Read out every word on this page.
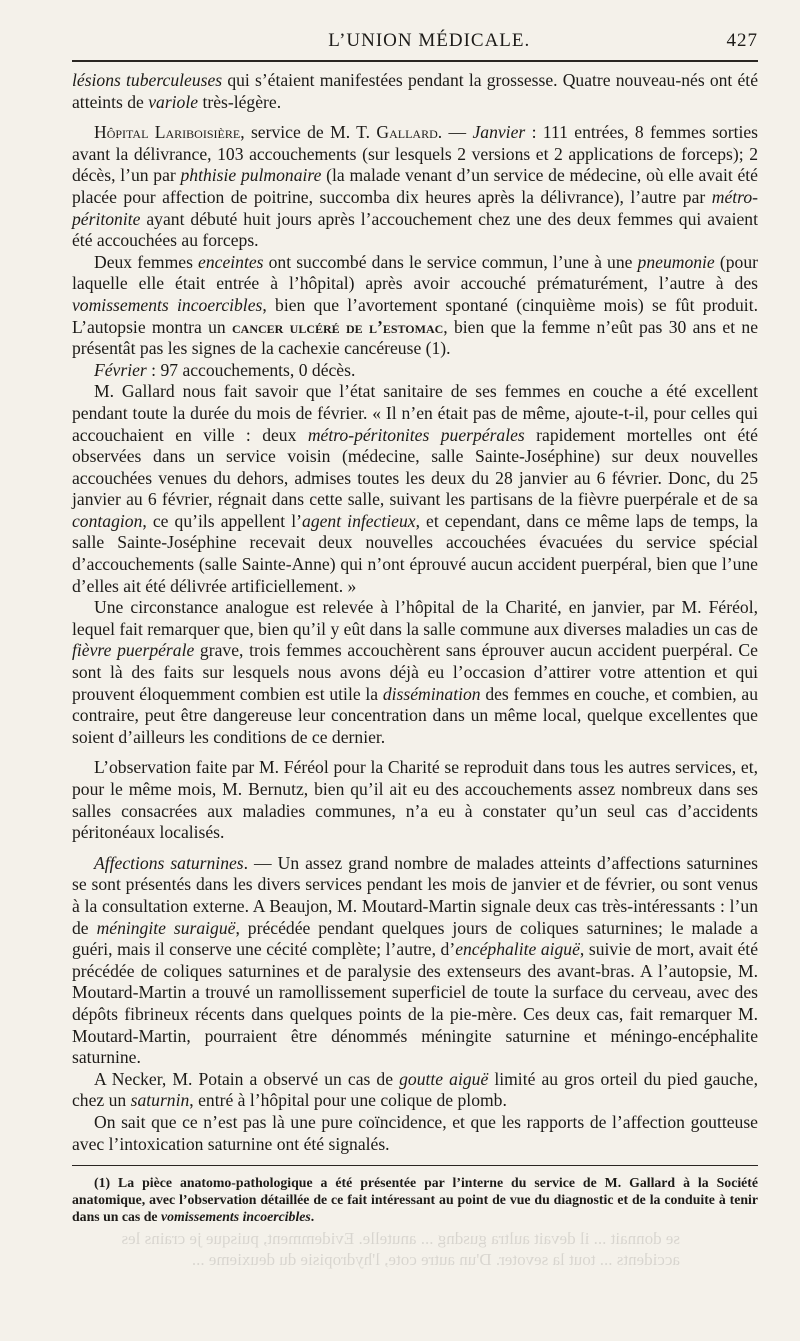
L’UNION MÉDICALE.	427

lésions tuberculeuses qui s’étaient manifestées pendant la grossesse. Quatre nouveau-nés ont été atteints de variole très-légère.

Hôpital Lariboisière, service de M. T. Gallard. — Janvier : 111 entrées, 8 femmes sorties avant la délivrance, 103 accouchements (sur lesquels 2 versions et 2 applications de forceps); 2 décès, l’un par phthisie pulmonaire (la malade venant d’un service de médecine, où elle avait été placée pour affection de poitrine, succomba dix heures après la délivrance), l’autre par métro-péritonite ayant débuté huit jours après l’accouchement chez une des deux femmes qui avaient été accouchées au forceps.

Deux femmes enceintes ont succombé dans le service commun, l’une à une pneumonie (pour laquelle elle était entrée à l’hôpital) après avoir accouché prématurément, l’autre à des vomissements incoercibles, bien que l’avortement spontané (cinquième mois) se fût produit. L’autopsie montra un cancer ulcéré de l’estomac, bien que la femme n’eût pas 30 ans et ne présentât pas les signes de la cachexie cancéreuse (1).

Février : 97 accouchements, 0 décès.

M. Gallard nous fait savoir que l’état sanitaire de ses femmes en couche a été excellent pendant toute la durée du mois de février. « Il n’en était pas de même, ajoute-t-il, pour celles qui accouchaient en ville : deux métro-péritonites puerpérales rapidement mortelles ont été observées dans un service voisin (médecine, salle Sainte-Joséphine) sur deux nouvelles accouchées venues du dehors, admises toutes les deux du 28 janvier au 6 février. Donc, du 25 janvier au 6 février, régnait dans cette salle, suivant les partisans de la fièvre puerpérale et de sa contagion, ce qu’ils appellent l’agent infectieux, et cependant, dans ce même laps de temps, la salle Sainte-Joséphine recevait deux nouvelles accouchées évacuées du service spécial d’accouchements (salle Sainte-Anne) qui n’ont éprouvé aucun accident puerpéral, bien que l’une d’elles ait été délivrée artificiellement. »

Une circonstance analogue est relevée à l’hôpital de la Charité, en janvier, par M. Féréol, lequel fait remarquer que, bien qu’il y eût dans la salle commune aux diverses maladies un cas de fièvre puerpérale grave, trois femmes accouchèrent sans éprouver aucun accident puerpéral. Ce sont là des faits sur lesquels nous avons déjà eu l’occasion d’attirer votre attention et qui prouvent éloquemment combien est utile la dissémination des femmes en couche, et combien, au contraire, peut être dangereuse leur concentration dans un même local, quelque excellentes que soient d’ailleurs les conditions de ce dernier.

L’observation faite par M. Féréol pour la Charité se reproduit dans tous les autres services, et, pour le même mois, M. Bernutz, bien qu’il ait eu des accouchements assez nombreux dans ses salles consacrées aux maladies communes, n’a eu à constater qu’un seul cas d’accidents péritonéaux localisés.

Affections saturnines. — Un assez grand nombre de malades atteints d’affections saturnines se sont présentés dans les divers services pendant les mois de janvier et de février, ou sont venus à la consultation externe. A Beaujon, M. Moutard-Martin signale deux cas très-intéressants : l’un de méningite suraiguë, précédée pendant quelques jours de coliques saturnines; le malade a guéri, mais il conserve une cécité complète; l’autre, d’encéphalite aiguë, suivie de mort, avait été précédée de coliques saturnines et de paralysie des extenseurs des avant-bras. A l’autopsie, M. Moutard-Martin a trouvé un ramollissement superficiel de toute la surface du cerveau, avec des dépôts fibrineux récents dans quelques points de la pie-mère. Ces deux cas, fait remarquer M. Moutard-Martin, pourraient être dénommés méningite saturnine et méningo-encéphalite saturnine.

A Necker, M. Potain a observé un cas de goutte aiguë limité au gros orteil du pied gauche, chez un saturnin, entré à l’hôpital pour une colique de plomb.

On sait que ce n’est pas là une pure coïncidence, et que les rapports de l’affection goutteuse avec l’intoxication saturnine ont été signalés.

(1) La pièce anatomo-pathologique a été présentée par l’interne du service de M. Gallard à la Société anatomique, avec l’observation détaillée de ce fait intéressant au point de vue du diagnostic et de la conduite à tenir dans un cas de vomissements incoercibles.
se donnait ... il devait aultra gusdng ... anutelle. Evidemment, puisque je crains les accidents ... tout la sevoter. D'un autre cote, l'hydropisie du deuxieme ...
